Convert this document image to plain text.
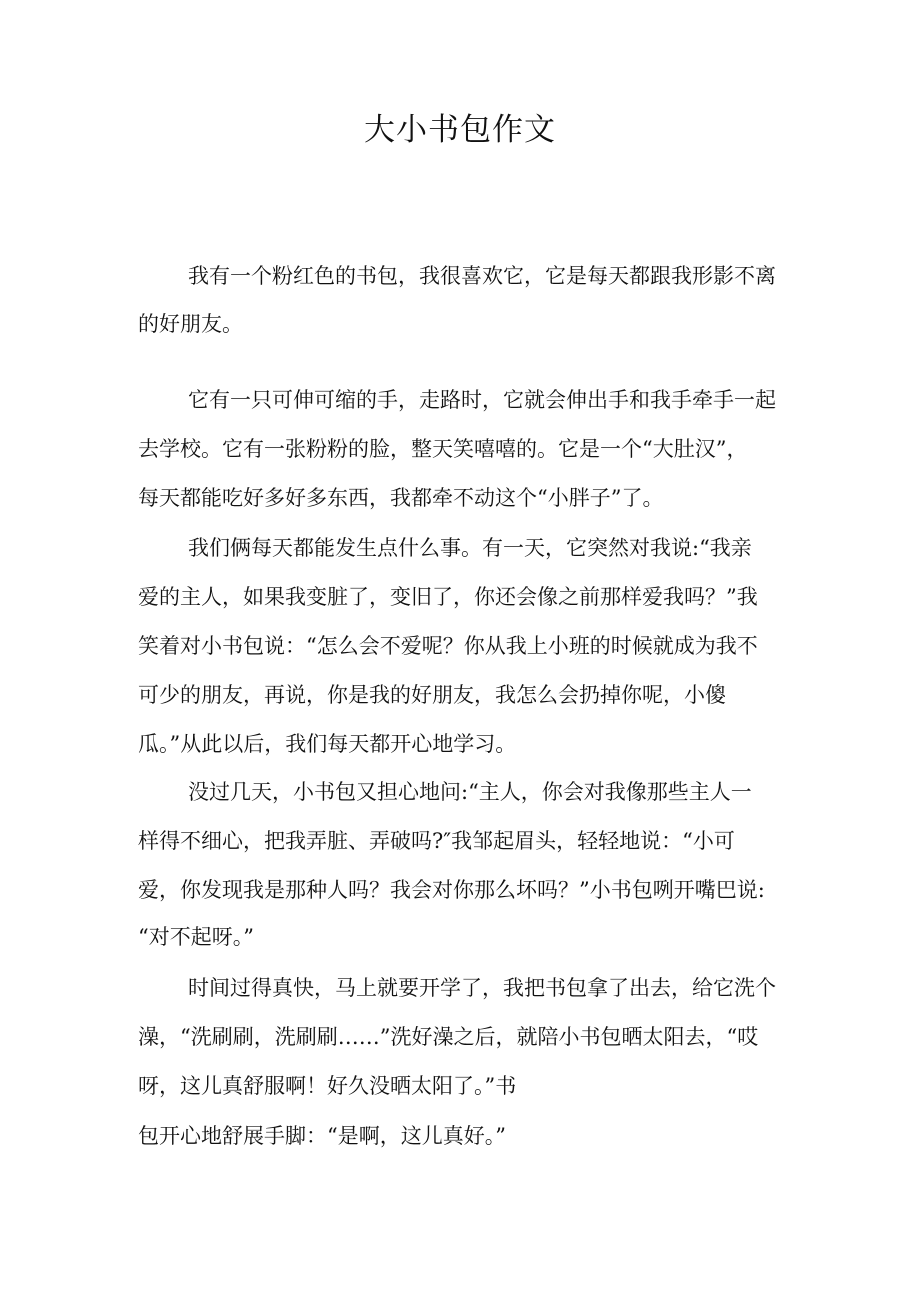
大小书包作文
我有一个粉红色的书包，我很喜欢它，它是每天都跟我形影不离
的好朋友。
它有一只可伸可缩的手，走路时，它就会伸出手和我手牵手一起
去学校。它有一张粉粉的脸，整天笑嘻嘻的。它是一个“大肚汉”，
每天都能吃好多好多东西，我都牵不动这个“小胖子”了。
我们俩每天都能发生点什么事。有一天，它突然对我说:“我亲
爱的主人，如果我变脏了，变旧了，你还会像之前那样爱我吗？”我
笑着对小书包说：“怎么会不爱呢？你从我上小班的时候就成为我不
可少的朋友，再说，你是我的好朋友，我怎么会扔掉你呢，小傻
瓜。”从此以后，我们每天都开心地学习。
没过几天，小书包又担心地问:“主人，你会对我像那些主人一
样得不细心，把我弄脏、弄破吗?″我邹起眉头，轻轻地说：“小可
爱，你发现我是那种人吗？我会对你那么坏吗？”小书包咧开嘴巴说:
“对不起呀。”
时间过得真快，马上就要开学了，我把书包拿了出去，给它洗个
澡，“洗刷刷，洗刷刷……”洗好澡之后，就陪小书包晒太阳去，“哎
呀，这儿真舒服啊！好久没晒太阳了。”书
包开心地舒展手脚：“是啊，这儿真好。”
